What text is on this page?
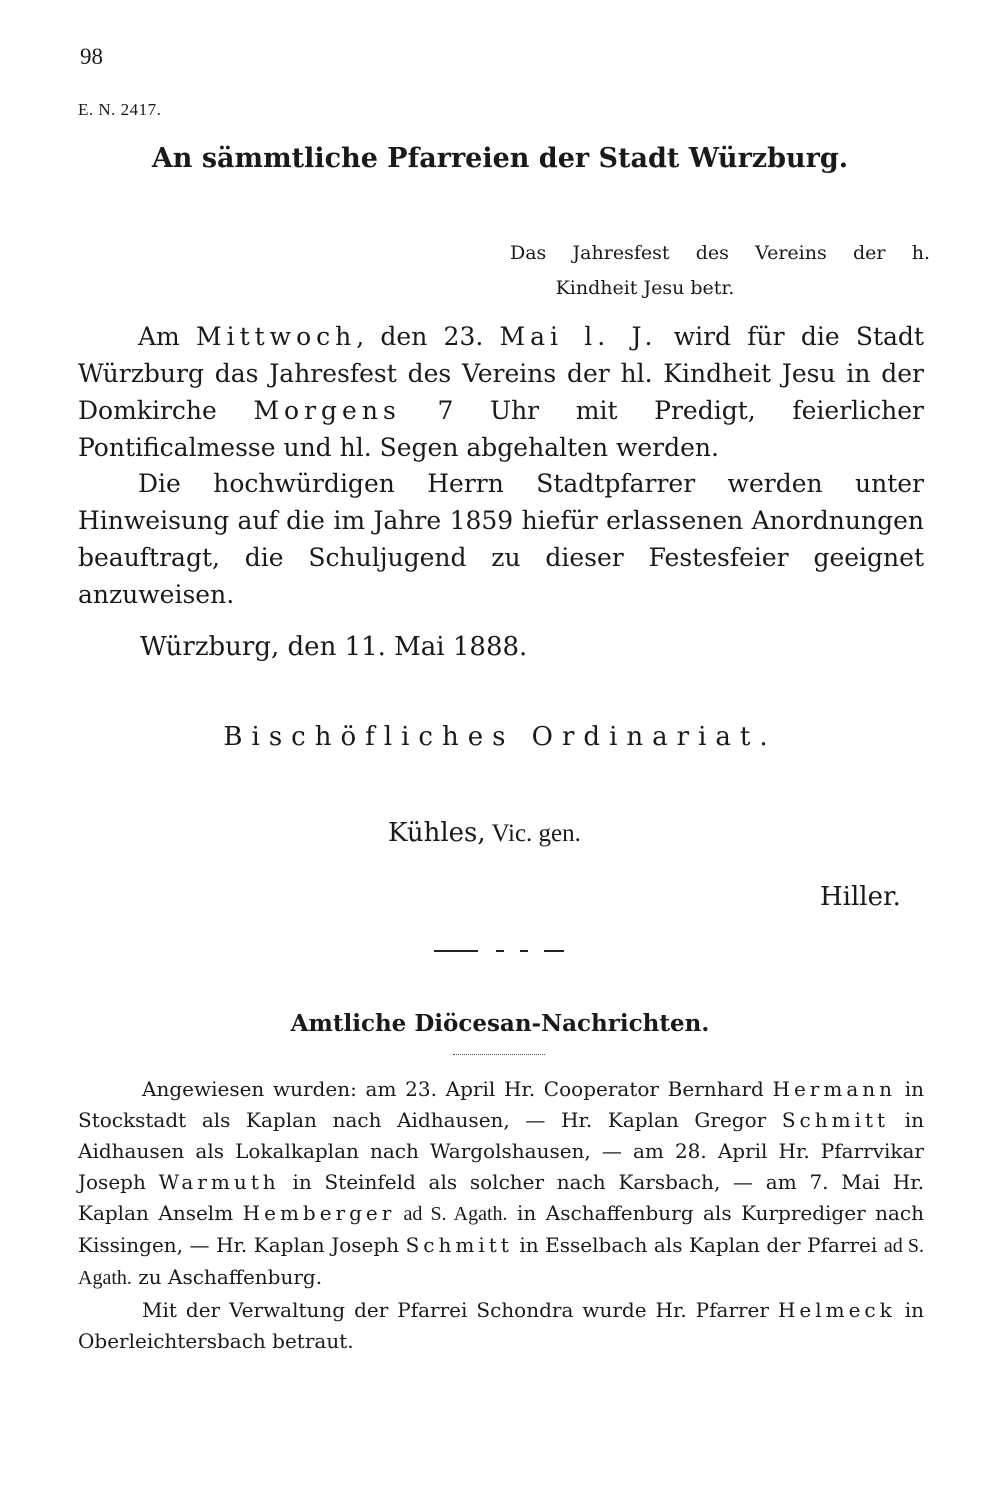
98
E. N. 2417.
An sämmtliche Pfarreien der Stadt Würzburg.
Das Jahresfest des Vereins der h.
Kindheit Jesu betr.
Am Mittwoch, den 23. Mai l. J. wird für die Stadt Würzburg das Jahresfest des Vereins der hl. Kindheit Jesu in der Domkirche Morgens 7 Uhr mit Predigt, feierlicher Pontificalmesse und hl. Segen abgehalten werden.
Die hochwürdigen Herrn Stadtpfarrer werden unter Hinweisung auf die im Jahre 1859 hiefür erlassenen Anordnungen beauftragt, die Schuljugend zu dieser Festesfeier geeignet anzuweisen.
Würzburg, den 11. Mai 1888.
Bischöfliches Ordinariat.
Kühles, Vic. gen.
Hiller.
Amtliche Diöcesan-Nachrichten.
Angewiesen wurden: am 23. April Hr. Cooperator Bernhard Hermann in Stockstadt als Kaplan nach Aidhausen, — Hr. Kaplan Gregor Schmitt in Aidhausen als Lokalkaplan nach Wargolshausen, — am 28. April Hr. Pfarrvikar Joseph Warmuth in Steinfeld als solcher nach Karsbach, — am 7. Mai Hr. Kaplan Anselm Hemberger ad S. Agath. in Aschaffenburg als Kurprediger nach Kissingen, — Hr. Kaplan Joseph Schmitt in Esselbach als Kaplan der Pfarrei ad S. Agath. zu Aschaffenburg.
Mit der Verwaltung der Pfarrei Schondra wurde Hr. Pfarrer Helmeck in Oberleichtersbach betraut.
